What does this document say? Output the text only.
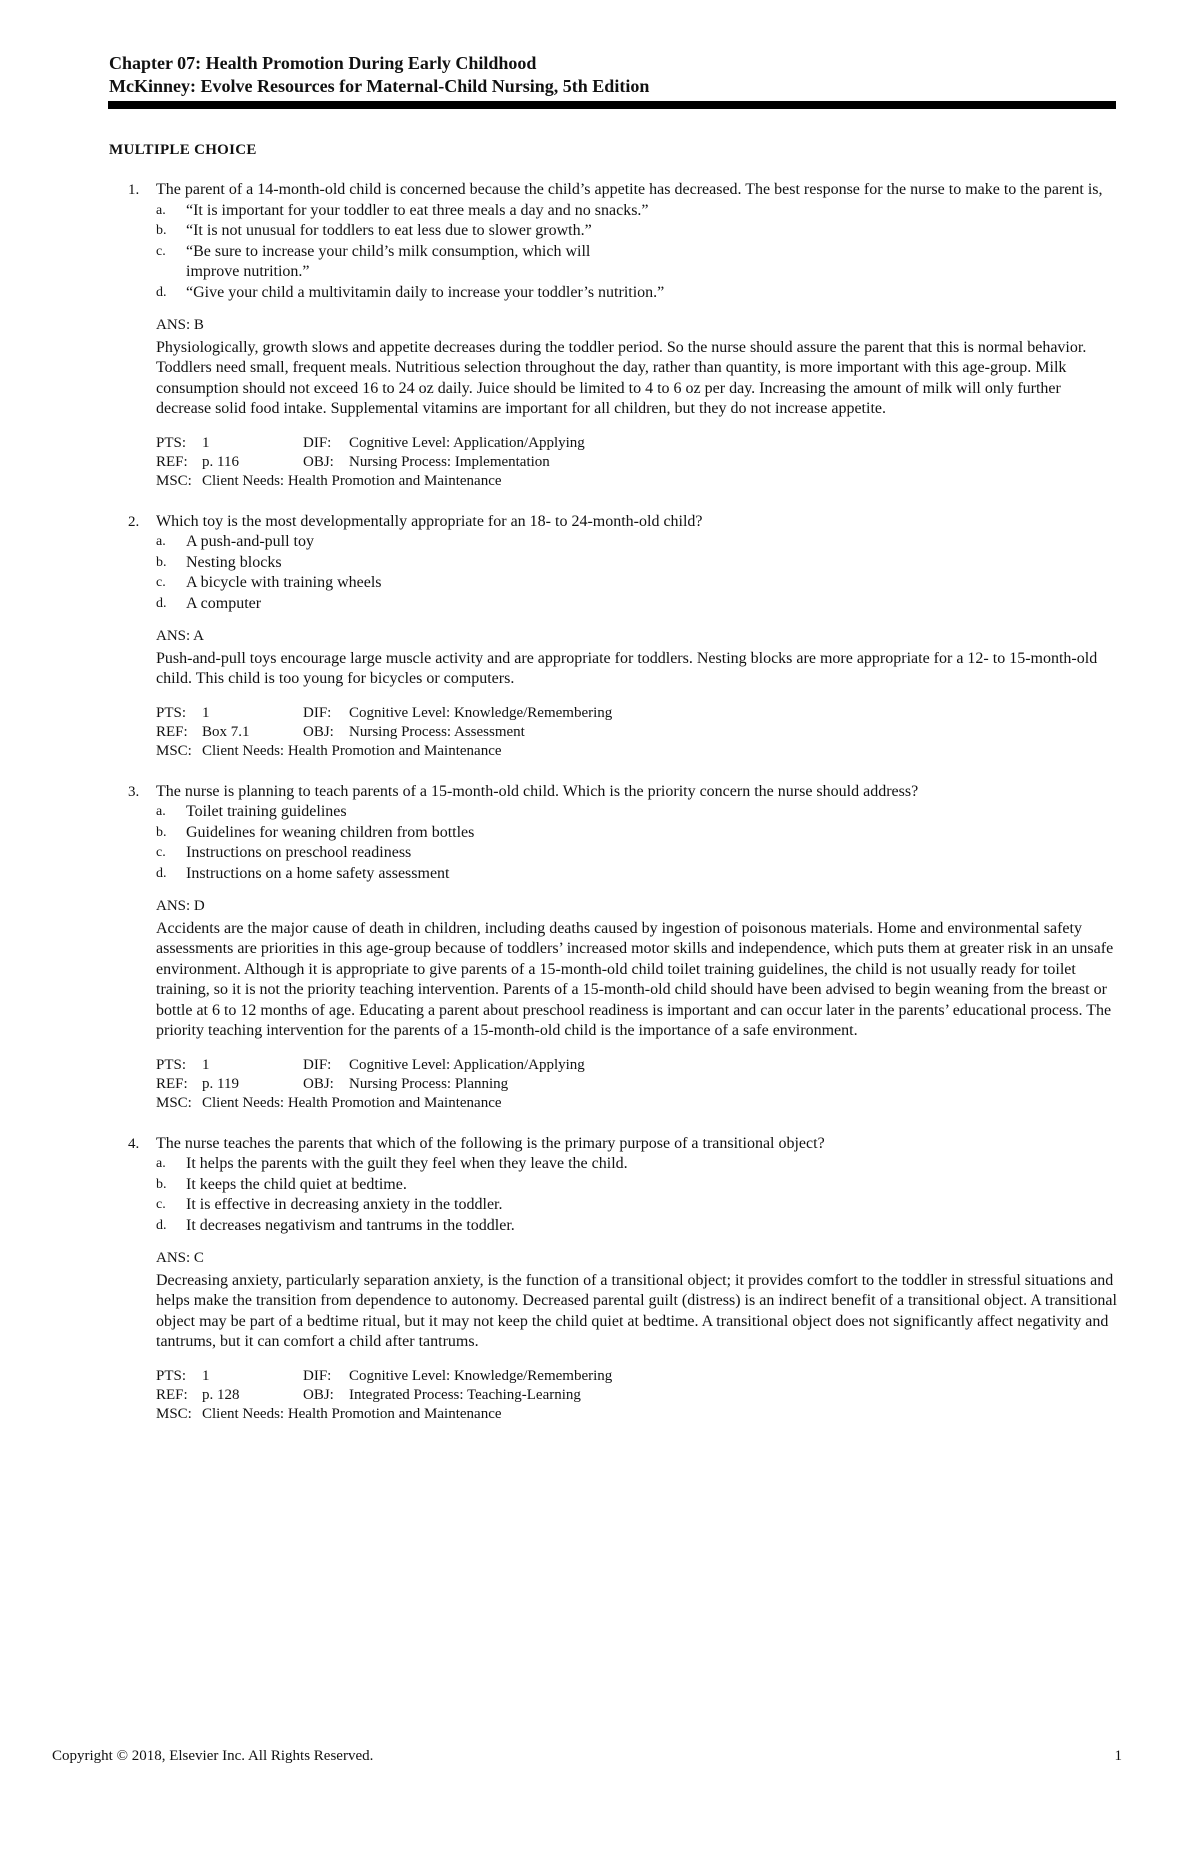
Chapter 07: Health Promotion During Early Childhood
McKinney: Evolve Resources for Maternal-Child Nursing, 5th Edition
MULTIPLE CHOICE
1.	The parent of a 14-month-old child is concerned because the child’s appetite has decreased. The best response for the nurse to make to the parent is,
a.	“It is important for your toddler to eat three meals a day and no snacks.”
b.	“It is not unusual for toddlers to eat less due to slower growth.”
c.	“Be sure to increase your child’s milk consumption, which will improve nutrition.”
d.	“Give your child a multivitamin daily to increase your toddler’s nutrition.”
ANS: B
Physiologically, growth slows and appetite decreases during the toddler period. So the nurse should assure the parent that this is normal behavior. Toddlers need small, frequent meals. Nutritious selection throughout the day, rather than quantity, is more important with this age-group. Milk consumption should not exceed 16 to 24 oz daily. Juice should be limited to 4 to 6 oz per day. Increasing the amount of milk will only further decrease solid food intake. Supplemental vitamins are important for all children, but they do not increase appetite.
PTS:	1	DIF:	Cognitive Level: Application/Applying
REF: p. 116	OBJ:	Nursing Process: Implementation
MSC: Client Needs: Health Promotion and Maintenance
2.	Which toy is the most developmentally appropriate for an 18- to 24-month-old child?
a.	A push-and-pull toy
b.	Nesting blocks
c.	A bicycle with training wheels
d.	A computer
ANS: A
Push-and-pull toys encourage large muscle activity and are appropriate for toddlers. Nesting blocks are more appropriate for a 12- to 15-month-old child. This child is too young for bicycles or computers.
PTS:	1	DIF:	Cognitive Level: Knowledge/Remembering
REF: Box 7.1	OBJ:	Nursing Process: Assessment
MSC: Client Needs: Health Promotion and Maintenance
3.	The nurse is planning to teach parents of a 15-month-old child. Which is the priority concern the nurse should address?
a.	Toilet training guidelines
b.	Guidelines for weaning children from bottles
c.	Instructions on preschool readiness
d.	Instructions on a home safety assessment
ANS: D
Accidents are the major cause of death in children, including deaths caused by ingestion of poisonous materials. Home and environmental safety assessments are priorities in this age-group because of toddlers’ increased motor skills and independence, which puts them at greater risk in an unsafe environment. Although it is appropriate to give parents of a 15-month-old child toilet training guidelines, the child is not usually ready for toilet training, so it is not the priority teaching intervention. Parents of a 15-month-old child should have been advised to begin weaning from the breast or bottle at 6 to 12 months of age. Educating a parent about preschool readiness is important and can occur later in the parents’ educational process. The priority teaching intervention for the parents of a 15-month-old child is the importance of a safe environment.
PTS:	1	DIF:	Cognitive Level: Application/Applying
REF: p. 119	OBJ:	Nursing Process: Planning
MSC: Client Needs: Health Promotion and Maintenance
4.	The nurse teaches the parents that which of the following is the primary purpose of a transitional object?
a.	It helps the parents with the guilt they feel when they leave the child.
b.	It keeps the child quiet at bedtime.
c.	It is effective in decreasing anxiety in the toddler.
d.	It decreases negativism and tantrums in the toddler.
ANS: C
Decreasing anxiety, particularly separation anxiety, is the function of a transitional object; it provides comfort to the toddler in stressful situations and helps make the transition from dependence to autonomy. Decreased parental guilt (distress) is an indirect benefit of a transitional object. A transitional object may be part of a bedtime ritual, but it may not keep the child quiet at bedtime. A transitional object does not significantly affect negativity and tantrums, but it can comfort a child after tantrums.
PTS:	1	DIF:	Cognitive Level: Knowledge/Remembering
REF: p. 128	OBJ:	Integrated Process: Teaching-Learning
MSC: Client Needs: Health Promotion and Maintenance
Copyright © 2018, Elsevier Inc. All Rights Reserved.	1
